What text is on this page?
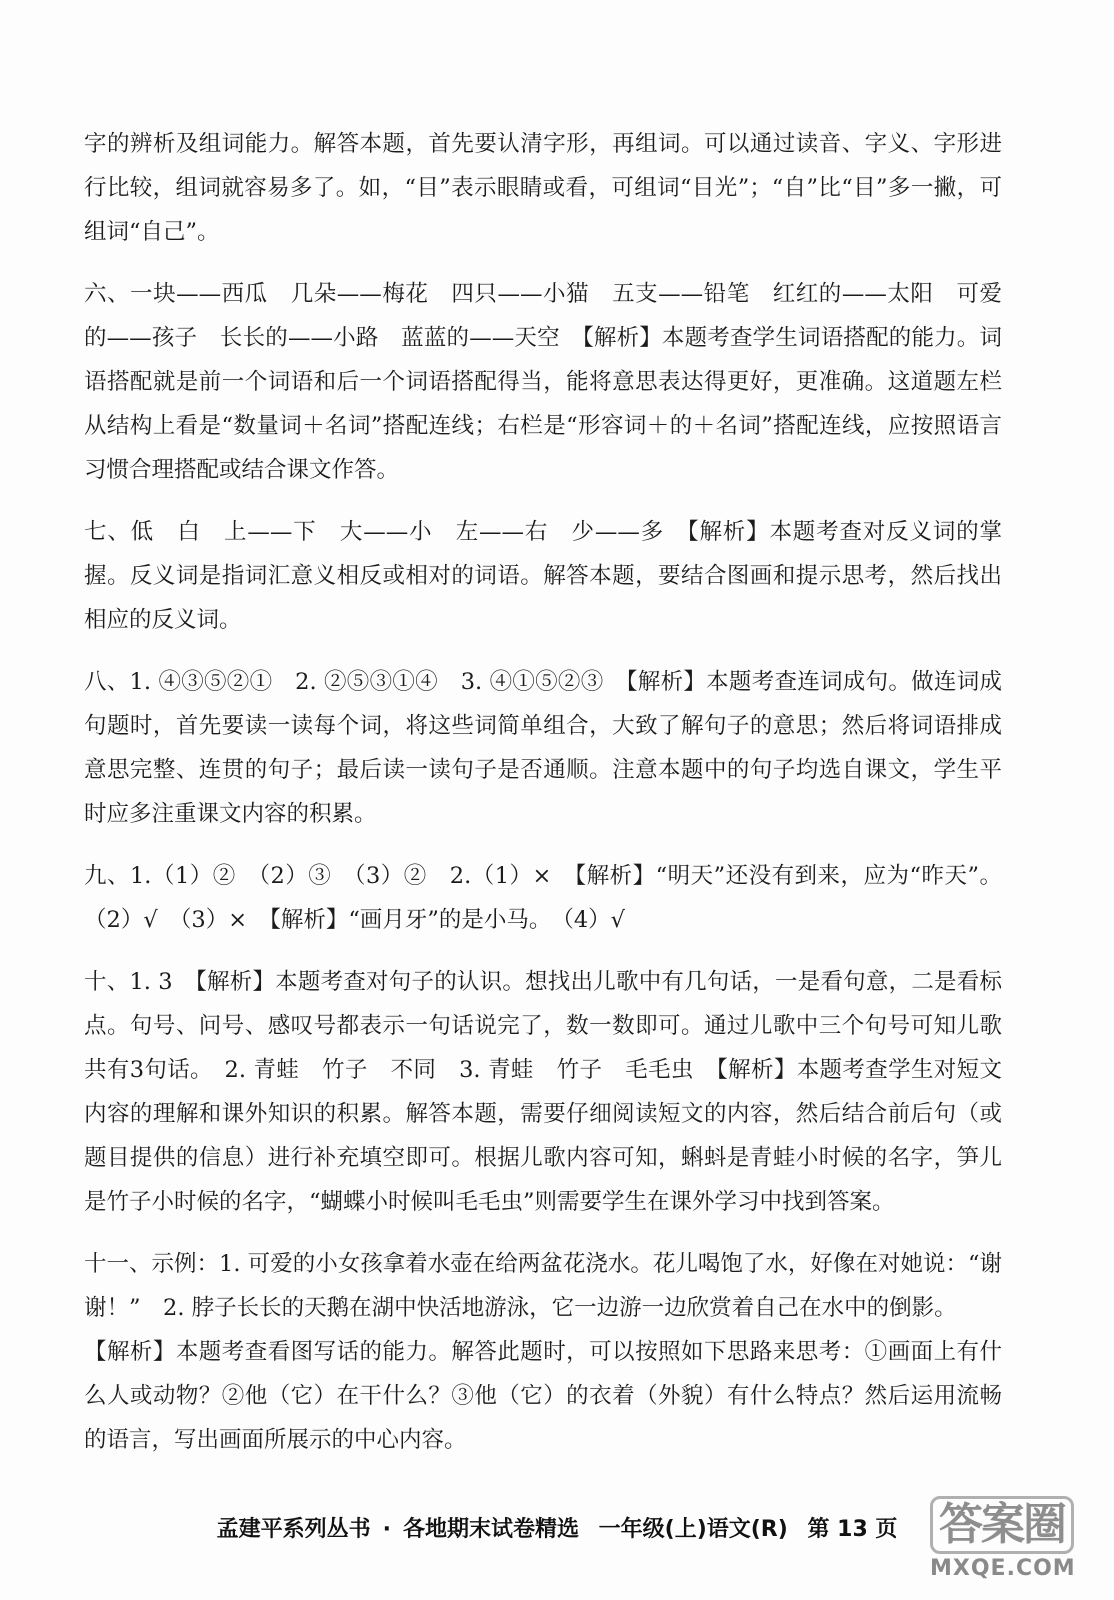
字的辨析及组词能力。解答本题，首先要认清字形，再组词。可以通过读音、字义、字形进行比较，组词就容易多了。如，“目”表示眼睛或看，可组词“目光”；“自”比“目”多一撇，可组词“自己”。

六、一块——西瓜　几朵——梅花　四只——小猫　五支——铅笔　红红的——太阳　可爱的——孩子　长长的——小路　蓝蓝的——天空　【解析】本题考查学生词语搭配的能力。词语搭配就是前一个词语和后一个词语搭配得当，能将意思表达得更好，更准确。这道题左栏从结构上看是“数量词＋名词”搭配连线；右栏是“形容词＋的＋名词”搭配连线，应按照语言习惯合理搭配或结合课文作答。

七、低　白　上——下　大——小　左——右　少——多　【解析】本题考查对反义词的掌握。反义词是指词汇意义相反或相对的词语。解答本题，要结合图画和提示思考，然后找出相应的反义词。

八、1. ④③⑤②①　2. ②⑤③①④　3. ④①⑤②③　【解析】本题考查连词成句。做连词成句题时，首先要读一读每个词，将这些词简单组合，大致了解句子的意思；然后将词语排成意思完整、连贯的句子；最后读一读句子是否通顺。注意本题中的句子均选自课文，学生平时应多注重课文内容的积累。

九、1.（1）②　（2）③　（3）②　2.（1）×　【解析】“明天”还没有到来，应为“昨天”。（2）√　（3）×　【解析】“画月牙”的是小马。　（4）√

十、1. 3　【解析】本题考查对句子的认识。想找出儿歌中有几句话，一是看句意，二是看标点。句号、问号、感叹号都表示一句话说完了，数一数即可。通过儿歌中三个句号可知儿歌共有3句话。　2. 青蛙　竹子　不同　3. 青蛙　竹子　毛毛虫　【解析】本题考查学生对短文内容的理解和课外知识的积累。解答本题，需要仔细阅读短文的内容，然后结合前后句（或题目提供的信息）进行补充填空即可。根据儿歌内容可知，蝌蚪是青蛙小时候的名字，笋儿是竹子小时候的名字，“蝴蝶小时候叫毛毛虫”则需要学生在课外学习中找到答案。

十一、示例：1. 可爱的小女孩拿着水壶在给两盆花浇水。花儿喝饱了水，好像在对她说：“谢谢！”　2. 脖子长长的天鹅在湖中快活地游泳，它一边游一边欣赏着自己在水中的倒影。

【解析】本题考查看图写话的能力。解答此题时，可以按照如下思路来思考：①画面上有什么人或动物？②他（它）在干什么？③他（它）的衣着（外貌）有什么特点？然后运用流畅的语言，写出画面所展示的中心内容。

孟建平系列丛书 · 各地期末试卷精选 一年级(上)语文(R) 第 13 页 答案圈
MXQE.COM
